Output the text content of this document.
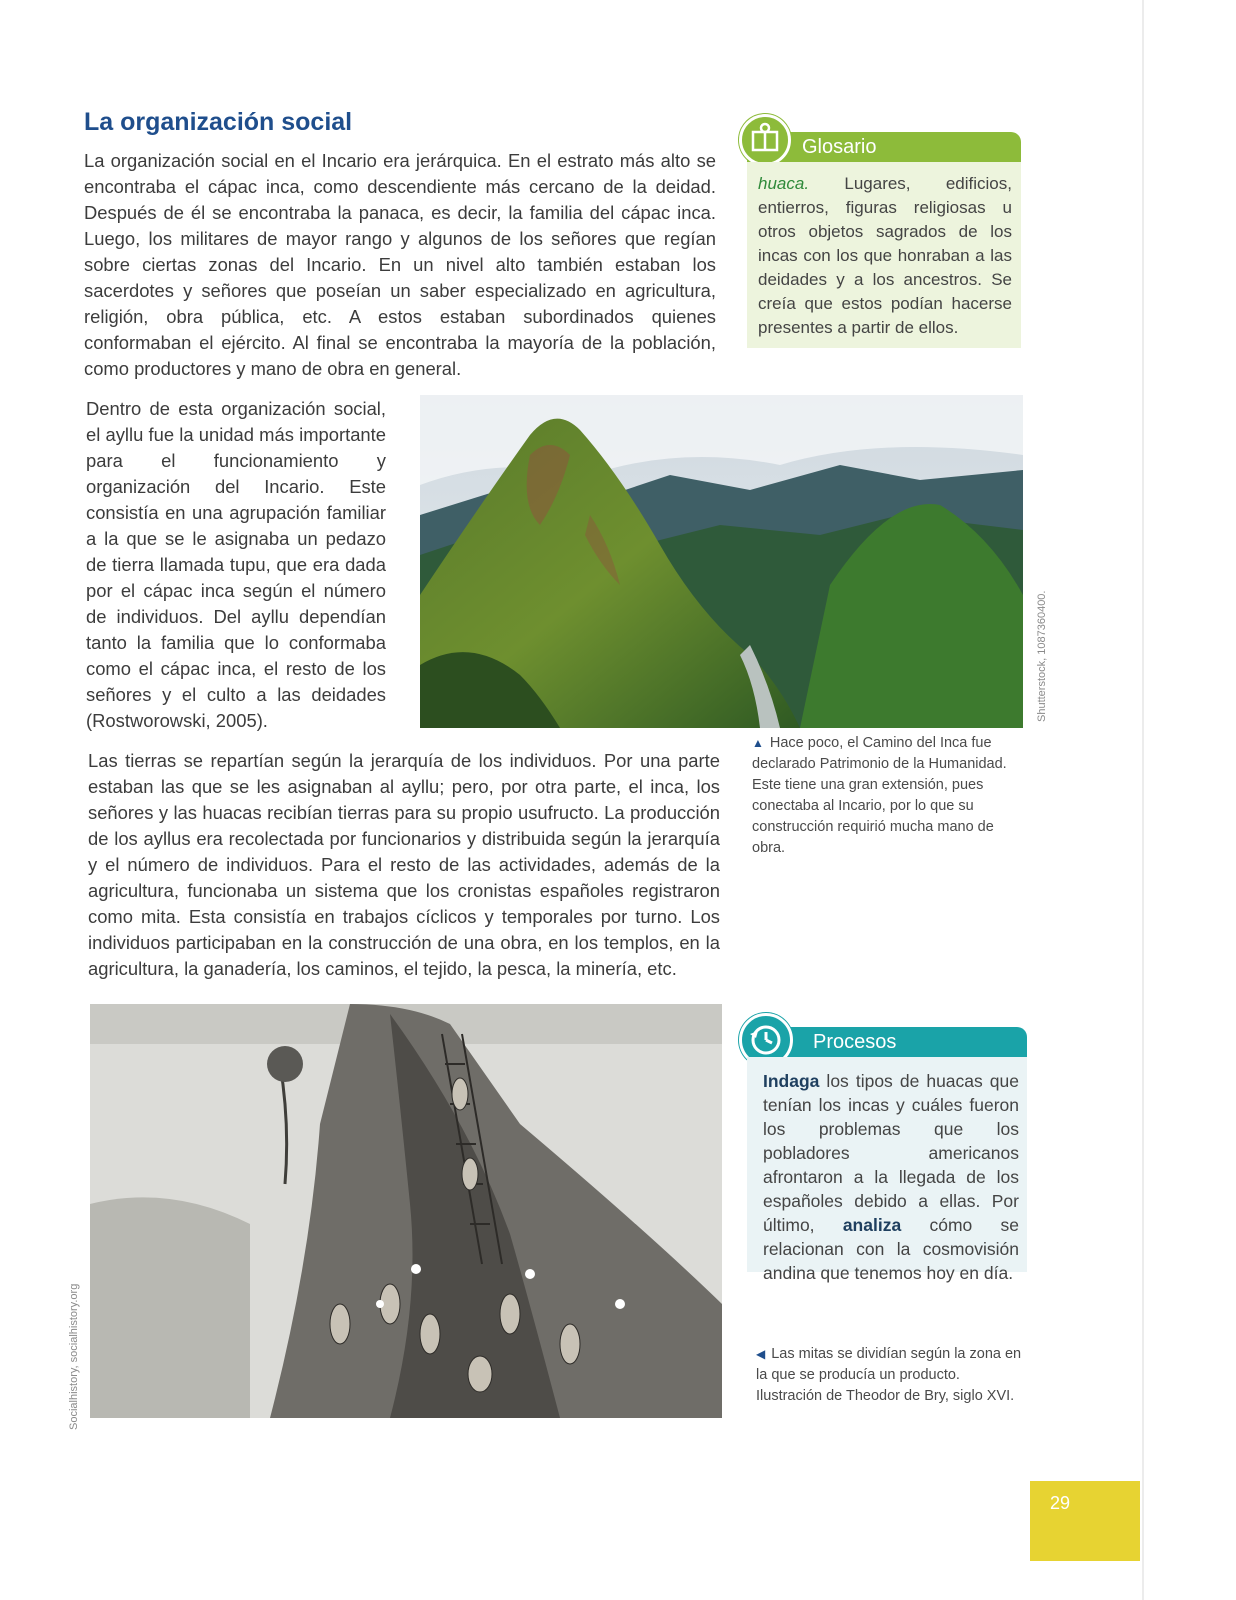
La organización social
La organización social en el Incario era jerárquica. En el estrato más alto se encontraba el cápac inca, como descendiente más cercano de la deidad. Después de él se encontraba la panaca, es decir, la familia del cápac inca. Luego, los militares de mayor rango y algunos de los señores que regían sobre ciertas zonas del Incario. En un nivel alto también estaban los sacerdotes y señores que poseían un saber especializado en agricultura, religión, obra pública, etc. A estos estaban subordinados quienes conformaban el ejército. Al final se encontraba la mayoría de la población, como productores y mano de obra en general.
Dentro de esta organización social, el ayllu fue la unidad más importante para el funcionamiento y organización del Incario. Este consistía en una agrupación familiar a la que se le asignaba un pedazo de tierra llamada tupu, que era dada por el cápac inca según el número de individuos. Del ayllu dependían tanto la familia que lo conformaba como el cápac inca, el resto de los señores y el culto a las deidades (Rostworowski, 2005).
Las tierras se repartían según la jerarquía de los individuos. Por una parte estaban las que se les asignaban al ayllu; pero, por otra parte, el inca, los señores y las huacas recibían tierras para su propio usufructo. La producción de los ayllus era recolectada por funcionarios y distribuida según la jerarquía y el número de individuos. Para el resto de las actividades, además de la agricultura, funcionaba un sistema que los cronistas españoles registraron como mita. Esta consistía en trabajos cíclicos y temporales por turno. Los individuos participaban en la construcción de una obra, en los templos, en la agricultura, la ganadería, los caminos, el tejido, la pesca, la minería, etc.
Glosario
huaca. Lugares, edificios, entierros, figuras religiosas u otros objetos sagrados de los incas con los que honraban a las deidades y a los ancestros. Se creía que estos podían hacerse presentes a partir de ellos.
Shutterstock, 1087360400.
▲ Hace poco, el Camino del Inca fue declarado Patrimonio de la Humanidad. Este tiene una gran extensión, pues conectaba al Incario, por lo que su construcción requirió mucha mano de obra.
Socialhistory, socialhistory.org
Procesos
Indaga los tipos de huacas que tenían los incas y cuáles fueron los problemas que los pobladores americanos afrontaron a la llegada de los españoles debido a ellas. Por último, analiza cómo se relacionan con la cosmovisión andina que tenemos hoy en día.
◀ Las mitas se dividían según la zona en la que se producía un producto. Ilustración de Theodor de Bry, siglo XVI.
29
